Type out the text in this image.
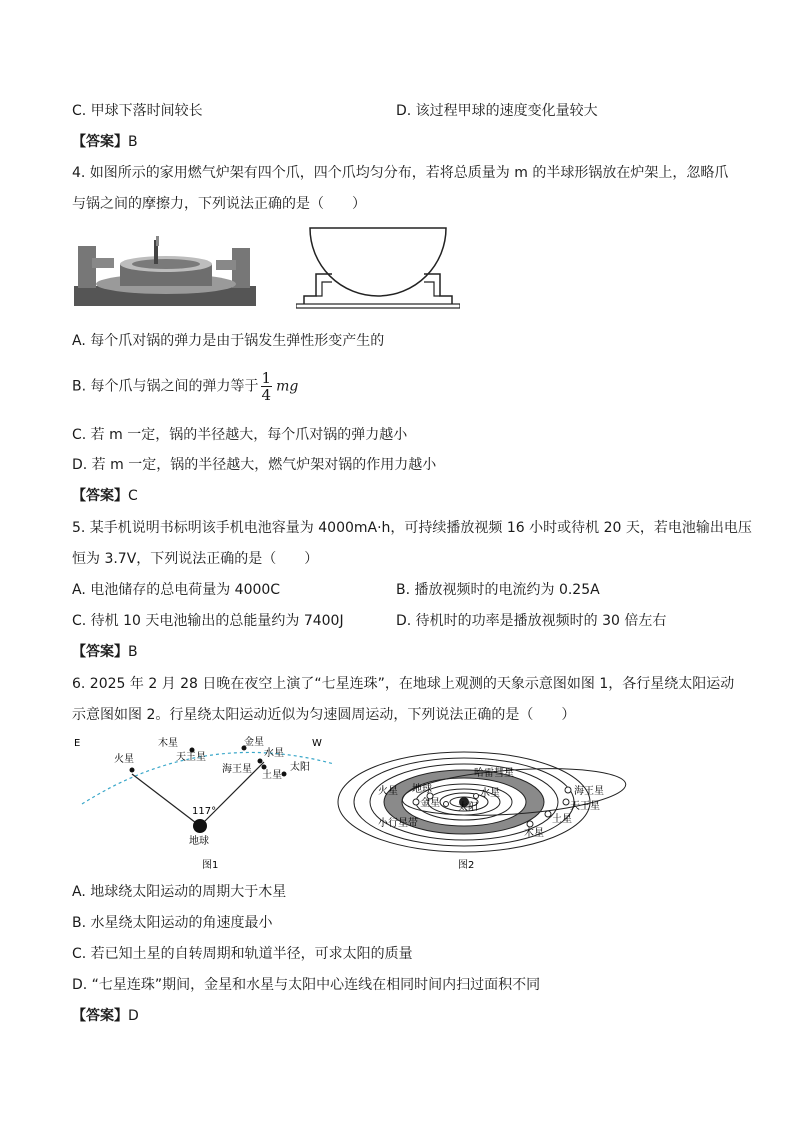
C. 甲球下落时间较长	D. 该过程甲球的速度变化量较大
【答案】B
4. 如图所示的家用燃气炉架有四个爪，四个爪均匀分布，若将总质量为 m 的半球形锅放在炉架上，忽略爪
与锅之间的摩擦力，下列说法正确的是（　　）
A. 每个爪对锅的弹力是由于锅发生弹性形变产生的
B. 每个爪与锅之间的弹力等于 $\frac{1}{4}$ mg
C. 若 m 一定，锅的半径越大，每个爪对锅的弹力越小
D. 若 m 一定，锅的半径越大，燃气炉架对锅的作用力越小
【答案】C
5. 某手机说明书标明该手机电池容量为 4000mA·h，可持续播放视频 16 小时或待机 20 天，若电池输出电压
恒为 3.7V，下列说法正确的是（　　）
A. 电池储存的总电荷量为 4000C	B. 播放视频时的电流约为 0.25A
C. 待机 10 天电池输出的总能量约为 7400J	D. 待机时的功率是播放视频时的 30 倍左右
【答案】B
6. 2025 年 2 月 28 日晚在夜空上演了“七星连珠”，在地球上观测的天象示意图如图 1，各行星绕太阳运动
示意图如图 2。行星绕太阳运动近似为匀速圆周运动，下列说法正确的是（　　）
E	W
火星
木星
天王星
金星
水星
海王星
土星
太阳
117°
地球
图1
哈雷彗星
火星 地球	水星
金星 太阳
小行星带
海王星
天王星
土星
木星
图2
A. 地球绕太阳运动的周期大于木星
B. 水星绕太阳运动的角速度最小
C. 若已知土星的自转周期和轨道半径，可求太阳的质量
D. “七星连珠”期间，金星和水星与太阳中心连线在相同时间内扫过面积不同
【答案】D
